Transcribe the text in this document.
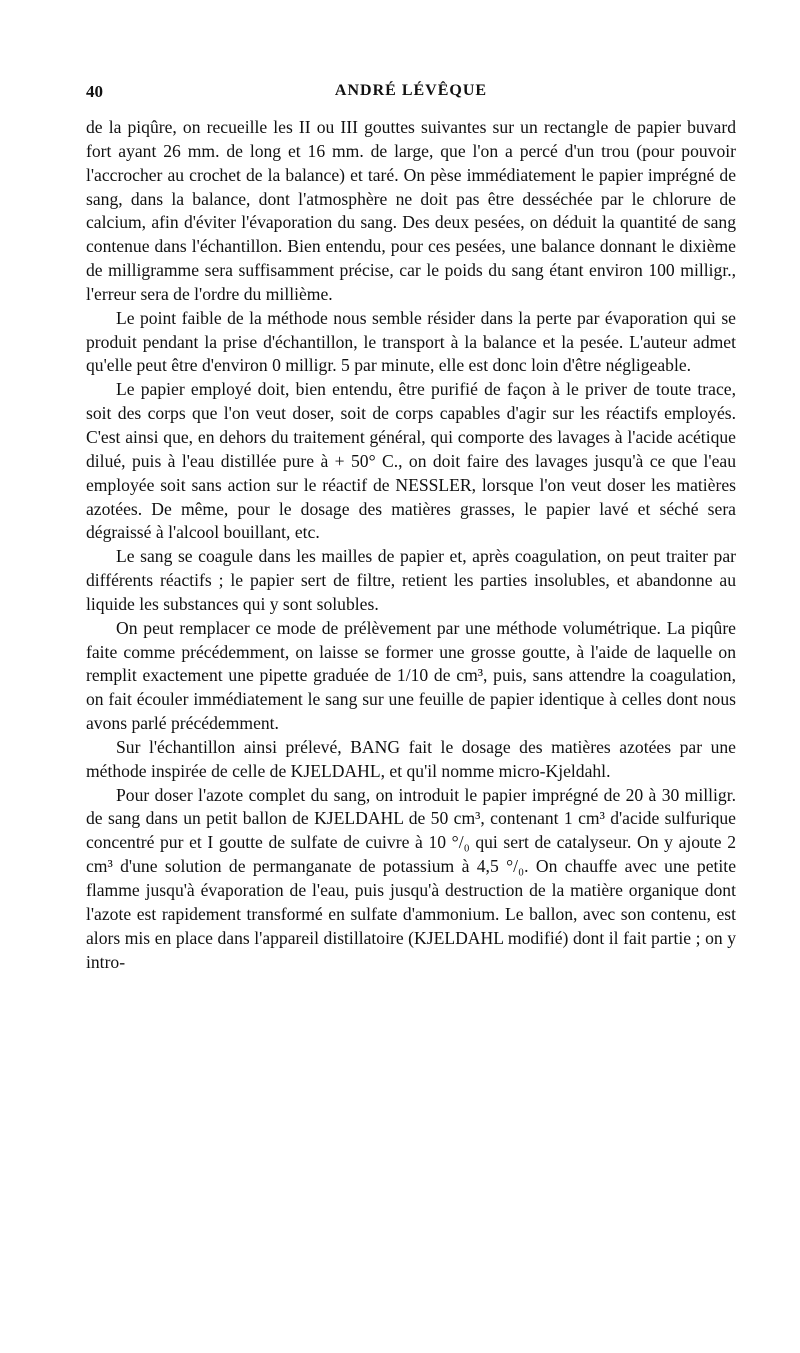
40	ANDRÉ LÉVÊQUE

de la piqûre, on recueille les II ou III gouttes suivantes sur un rectangle de papier buvard fort ayant 26 mm. de long et 16 mm. de large, que l'on a percé d'un trou (pour pouvoir l'accrocher au crochet de la balance) et taré. On pèse immédiatement le papier imprégné de sang, dans la balance, dont l'atmosphère ne doit pas être desséchée par le chlorure de calcium, afin d'éviter l'évaporation du sang. Des deux pesées, on déduit la quantité de sang contenue dans l'échantillon. Bien entendu, pour ces pesées, une balance donnant le dixième de milligramme sera suffisamment précise, car le poids du sang étant environ 100 milligr., l'erreur sera de l'ordre du millième.

Le point faible de la méthode nous semble résider dans la perte par évaporation qui se produit pendant la prise d'échantillon, le transport à la balance et la pesée. L'auteur admet qu'elle peut être d'environ 0 milligr. 5 par minute, elle est donc loin d'être négligeable.

Le papier employé doit, bien entendu, être purifié de façon à le priver de toute trace, soit des corps que l'on veut doser, soit de corps capables d'agir sur les réactifs employés. C'est ainsi que, en dehors du traitement général, qui comporte des lavages à l'acide acétique dilué, puis à l'eau distillée pure à + 50° C., on doit faire des lavages jusqu'à ce que l'eau employée soit sans action sur le réactif de NESSLER, lorsque l'on veut doser les matières azotées. De même, pour le dosage des matières grasses, le papier lavé et séché sera dégraissé à l'alcool bouillant, etc.

Le sang se coagule dans les mailles de papier et, après coagulation, on peut traiter par différents réactifs ; le papier sert de filtre, retient les parties insolubles, et abandonne au liquide les substances qui y sont solubles.

On peut remplacer ce mode de prélèvement par une méthode volumétrique. La piqûre faite comme précédemment, on laisse se former une grosse goutte, à l'aide de laquelle on remplit exactement une pipette graduée de 1/10 de cm³, puis, sans attendre la coagulation, on fait écouler immédiatement le sang sur une feuille de papier identique à celles dont nous avons parlé précédemment.

Sur l'échantillon ainsi prélevé, BANG fait le dosage des matières azotées par une méthode inspirée de celle de KJELDAHL, et qu'il nomme micro-Kjeldahl.

Pour doser l'azote complet du sang, on introduit le papier imprégné de 20 à 30 milligr. de sang dans un petit ballon de KJELDAHL de 50 cm³, contenant 1 cm³ d'acide sulfurique concentré pur et I goutte de sulfate de cuivre à 10 °/₀ qui sert de catalyseur. On y ajoute 2 cm³ d'une solution de permanganate de potassium à 4,5 °/₀. On chauffe avec une petite flamme jusqu'à évaporation de l'eau, puis jusqu'à destruction de la matière organique dont l'azote est rapidement transformé en sulfate d'ammonium. Le ballon, avec son contenu, est alors mis en place dans l'appareil distillatoire (KJELDAHL modifié) dont il fait partie ; on y intro-
